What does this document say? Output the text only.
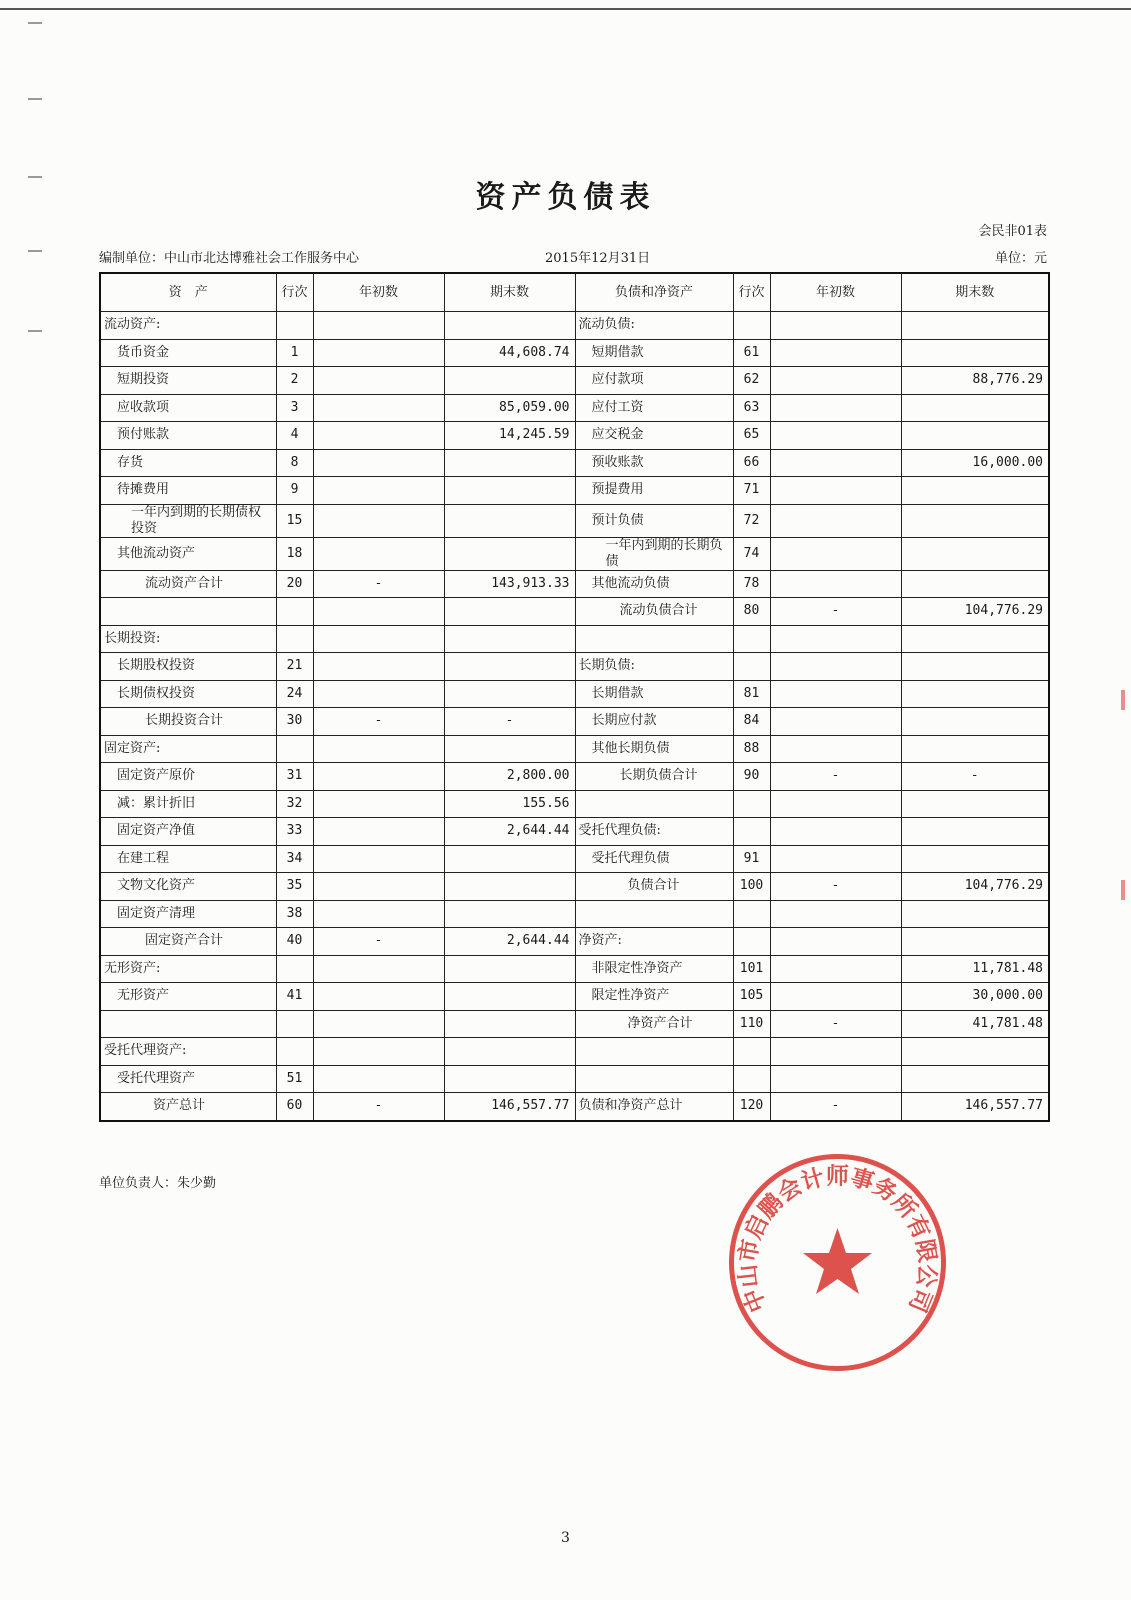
资产负债表
会民非01表
编制单位：中山市北达博雅社会工作服务中心	2015年12月31日	单位：元
资　产	行次	年初数	期末数	负债和净资产	行次	年初数	期末数
流动资产:				流动负债:			
货币资金	1		44,608.74	短期借款	61		
短期投资	2			应付款项	62		88,776.29
应收款项	3		85,059.00	应付工资	63		
预付账款	4		14,245.59	应交税金	65		
存货	8			预收账款	66		16,000.00
待摊费用	9			预提费用	71		
一年内到期的长期债权投资	15			预计负债	72		
其他流动资产	18			一年内到期的长期负债	74		
流动资产合计	20	-	143,913.33	其他流动负债	78		
				流动负债合计	80	-	104,776.29
长期投资:							
长期股权投资	21			长期负债:			
长期债权投资	24			长期借款	81		
长期投资合计	30	-	-	长期应付款	84		
固定资产:				其他长期负债	88		
固定资产原价	31		2,800.00	长期负债合计	90	-	-
减：累计折旧	32		155.56				
固定资产净值	33		2,644.44	受托代理负债:			
在建工程	34			受托代理负债	91		
文物文化资产	35			负债合计	100	-	104,776.29
固定资产清理	38						
固定资产合计	40	-	2,644.44	净资产:			
无形资产:				非限定性净资产	101		11,781.48
无形资产	41			限定性净资产	105		30,000.00
				净资产合计	110	-	41,781.48
受托代理资产:							
受托代理资产	51						
资产总计	60	-	146,557.77	负债和净资产总计	120	-	146,557.77
单位负责人：朱少勤
中山市启鹏会计师事务所有限公司
3
